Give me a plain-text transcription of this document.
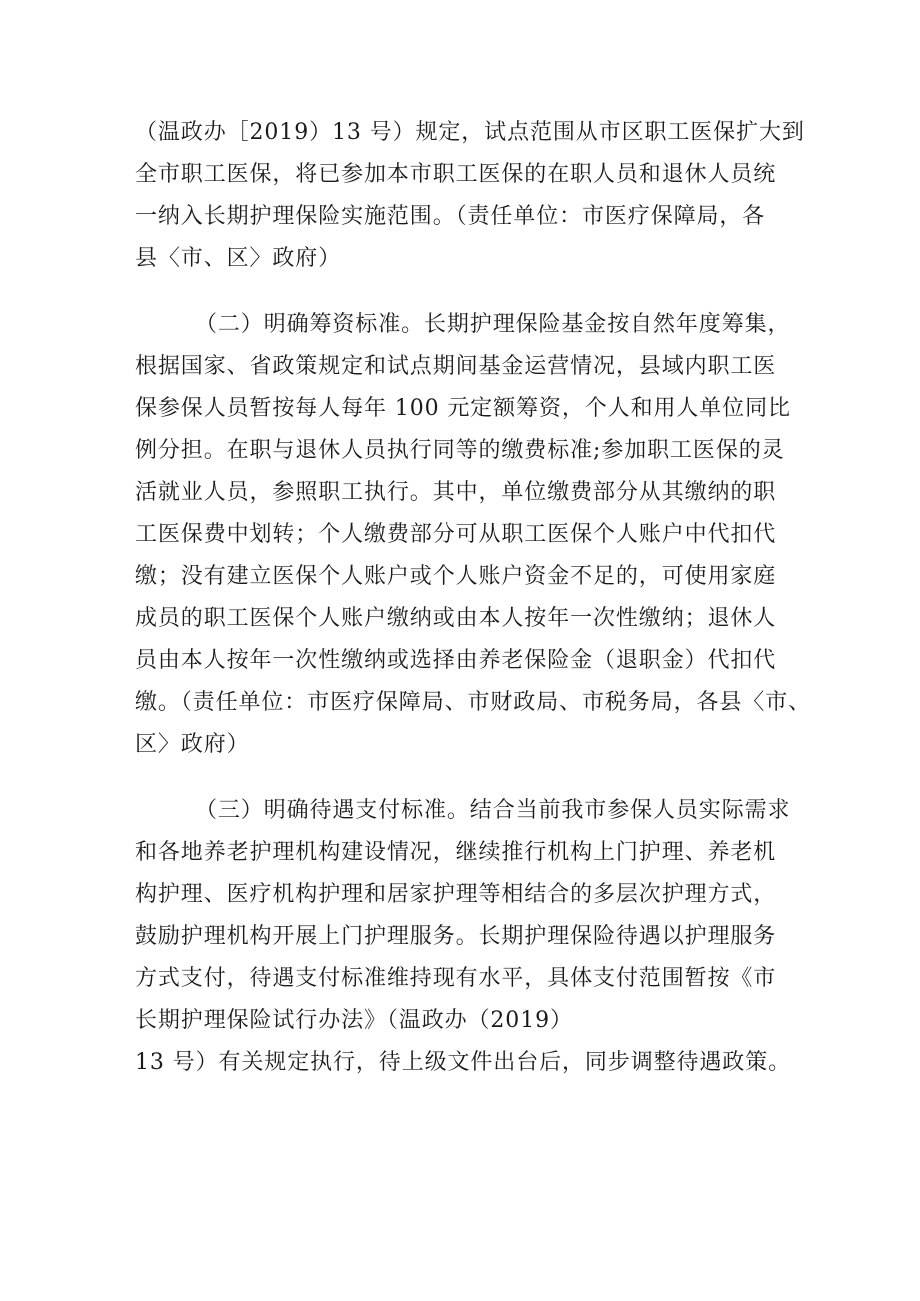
（温政办［2019）13 号）规定，试点范围从市区职工医保扩大到
全市职工医保，将已参加本市职工医保的在职人员和退休人员统
一纳入长期护理保险实施范围。（责任单位：市医疗保障局，各
县〈市、区〉政府）
（二）明确筹资标准。长期护理保险基金按自然年度筹集，
根据国家、省政策规定和试点期间基金运营情况，县域内职工医
保参保人员暂按每人每年 100 元定额筹资，个人和用人单位同比
例分担。在职与退休人员执行同等的缴费标准;参加职工医保的灵
活就业人员，参照职工执行。其中，单位缴费部分从其缴纳的职
工医保费中划转；个人缴费部分可从职工医保个人账户中代扣代
缴；没有建立医保个人账户或个人账户资金不足的，可使用家庭
成员的职工医保个人账户缴纳或由本人按年一次性缴纳；退休人
员由本人按年一次性缴纳或选择由养老保险金（退职金）代扣代
缴。（责任单位：市医疗保障局、市财政局、市税务局，各县〈市、
区〉政府）
（三）明确待遇支付标准。结合当前我市参保人员实际需求
和各地养老护理机构建设情况，继续推行机构上门护理、养老机
构护理、医疗机构护理和居家护理等相结合的多层次护理方式，
鼓励护理机构开展上门护理服务。长期护理保险待遇以护理服务
方式支付，待遇支付标准维持现有水平，具体支付范围暂按《市
长期护理保险试行办法》（温政办（2019）
13 号）有关规定执行，待上级文件出台后，同步调整待遇政策。
